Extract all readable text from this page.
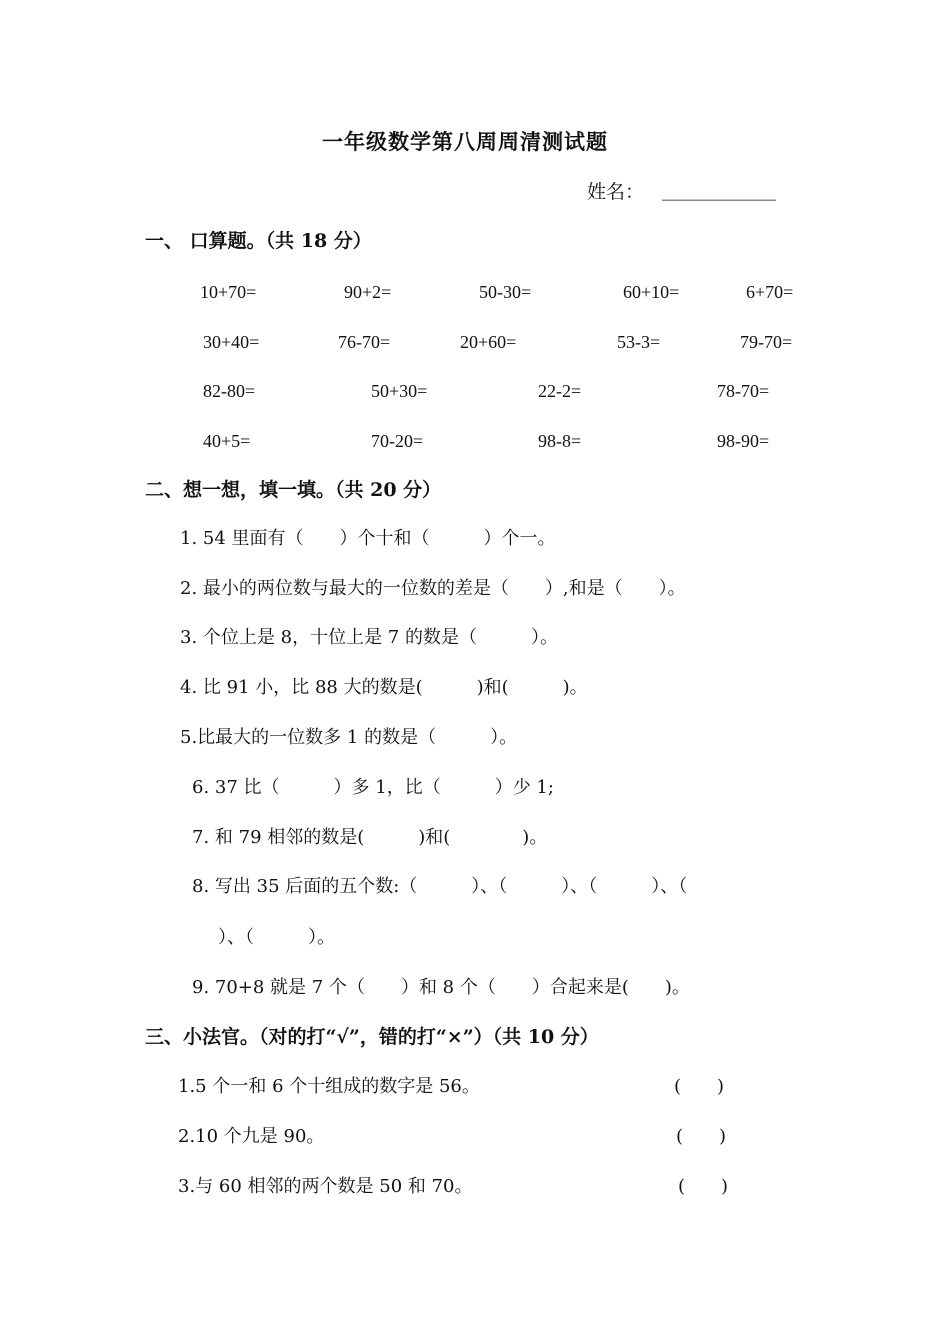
一年级数学第八周周清测试题
姓名： ＿＿＿＿＿＿
一、 口算题。（共 18 分）
10+70=	90+2=	50-30=	60+10=	6+70=
30+40=	76-70=	20+60=	53-3=	79-70=
82-80=	50+30=	22-2=	78-70=
40+5=	70-20=	98-8=	98-90=
二、想一想，填一填。（共 20 分）
1. 54 里面有（　　）个十和（　　　）个一。
2. 最小的两位数与最大的一位数的差是（　　）,和是（　　）。
3. 个位上是 8，十位上是 7 的数是（　　　）。
4. 比 91 小，比 88 大的数是(　　　)和(　　　)。
5.比最大的一位数多 1 的数是（　　　）。
6. 37 比（　　　）多 1，比（　　　）少 1;
7. 和 79 相邻的数是(　　　)和(　　　　)。
8. 写出 35 后面的五个数:（　　　）、（　　　）、（　　　）、（
）、（　　　）。
9. 70+8 就是 7 个（　　）和 8 个（　　）合起来是(　　)。
三、小法官。（对的打“√”，错的打“×”）（共 10 分）
1.5 个一和 6 个十组成的数字是 56。	(　　)
2.10 个九是 90。	(　　)
3.与 60 相邻的两个数是 50 和 70。	(　　)
